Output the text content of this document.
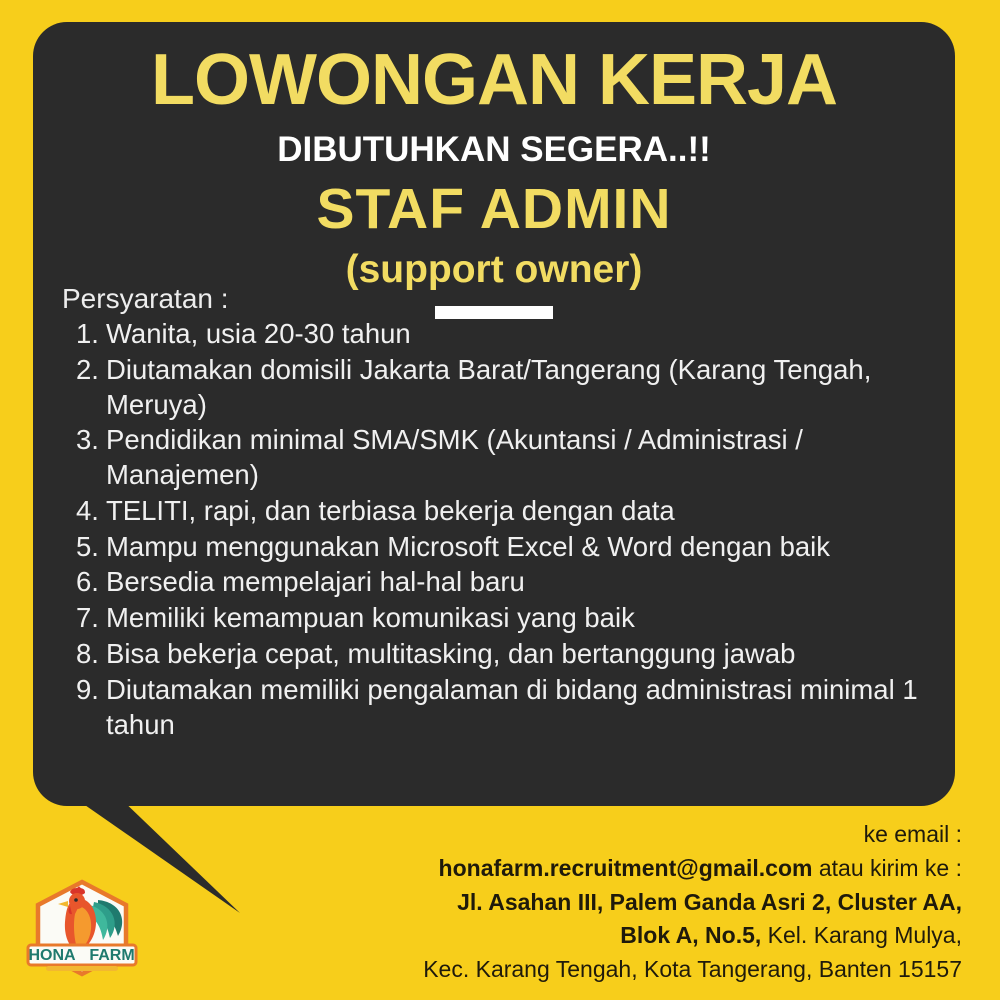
LOWONGAN KERJA
DIBUTUHKAN SEGERA..!!
STAF ADMIN
(support owner)
Persyaratan :
Wanita, usia 20-30 tahun
Diutamakan domisili Jakarta Barat/Tangerang (Karang Tengah, Meruya)
Pendidikan minimal SMA/SMK (Akuntansi / Administrasi / Manajemen)
TELITI, rapi, dan terbiasa bekerja dengan data
Mampu menggunakan Microsoft Excel & Word dengan baik
Bersedia mempelajari hal-hal baru
Memiliki kemampuan komunikasi yang baik
Bisa bekerja cepat, multitasking, dan bertanggung jawab
Diutamakan memiliki pengalaman di bidang administrasi minimal 1 tahun
ke email :
honafarm.recruitment@gmail.com atau kirim ke :
Jl. Asahan III, Palem Ganda Asri 2, Cluster AA,
Blok A, No.5, Kel. Karang Mulya,
Kec. Karang Tengah, Kota Tangerang, Banten 15157
HONA FARM
